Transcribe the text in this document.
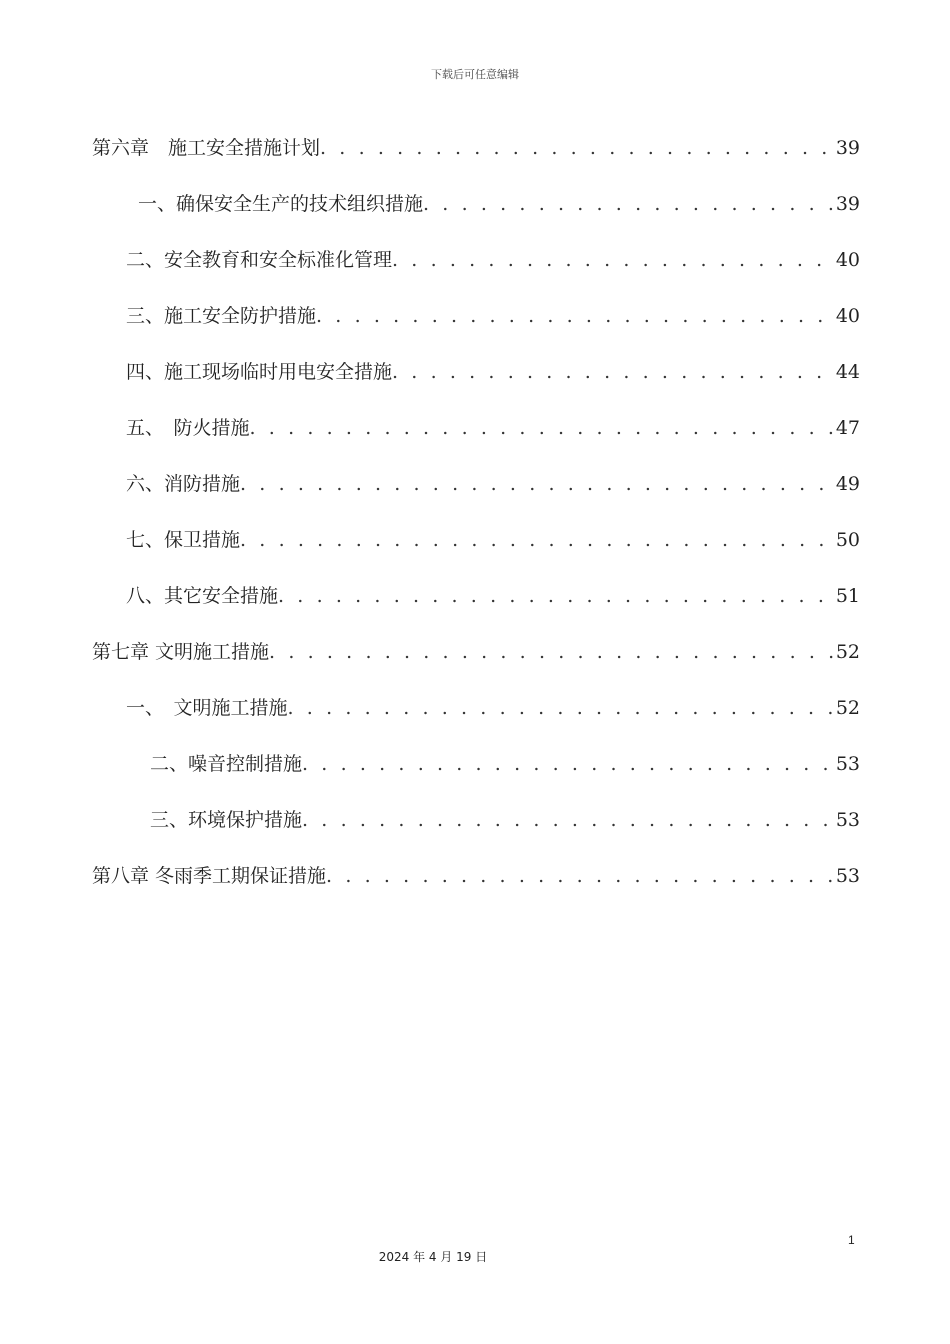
下载后可任意编辑
第六章　施工安全措施计划 . . .	39
一、确保安全生产的技术组织措施 . . .	39
二、安全教育和安全标准化管理 . . .	40
三、施工安全防护措施 . . .	40
四、施工现场临时用电安全措施 . . .	44
五、　防火措施 . . .	47
六、消防措施 . . .	49
七、保卫措施 . . .	50
八、其它安全措施 . . .	51
第七章 文明施工措施 . . .	52
一、　文明施工措施 . . .	52
二、噪音控制措施 . . .	53
三、环境保护措施 . . .	53
第八章 冬雨季工期保证措施 . . .	53
1
2024 年 4 月 19 日
